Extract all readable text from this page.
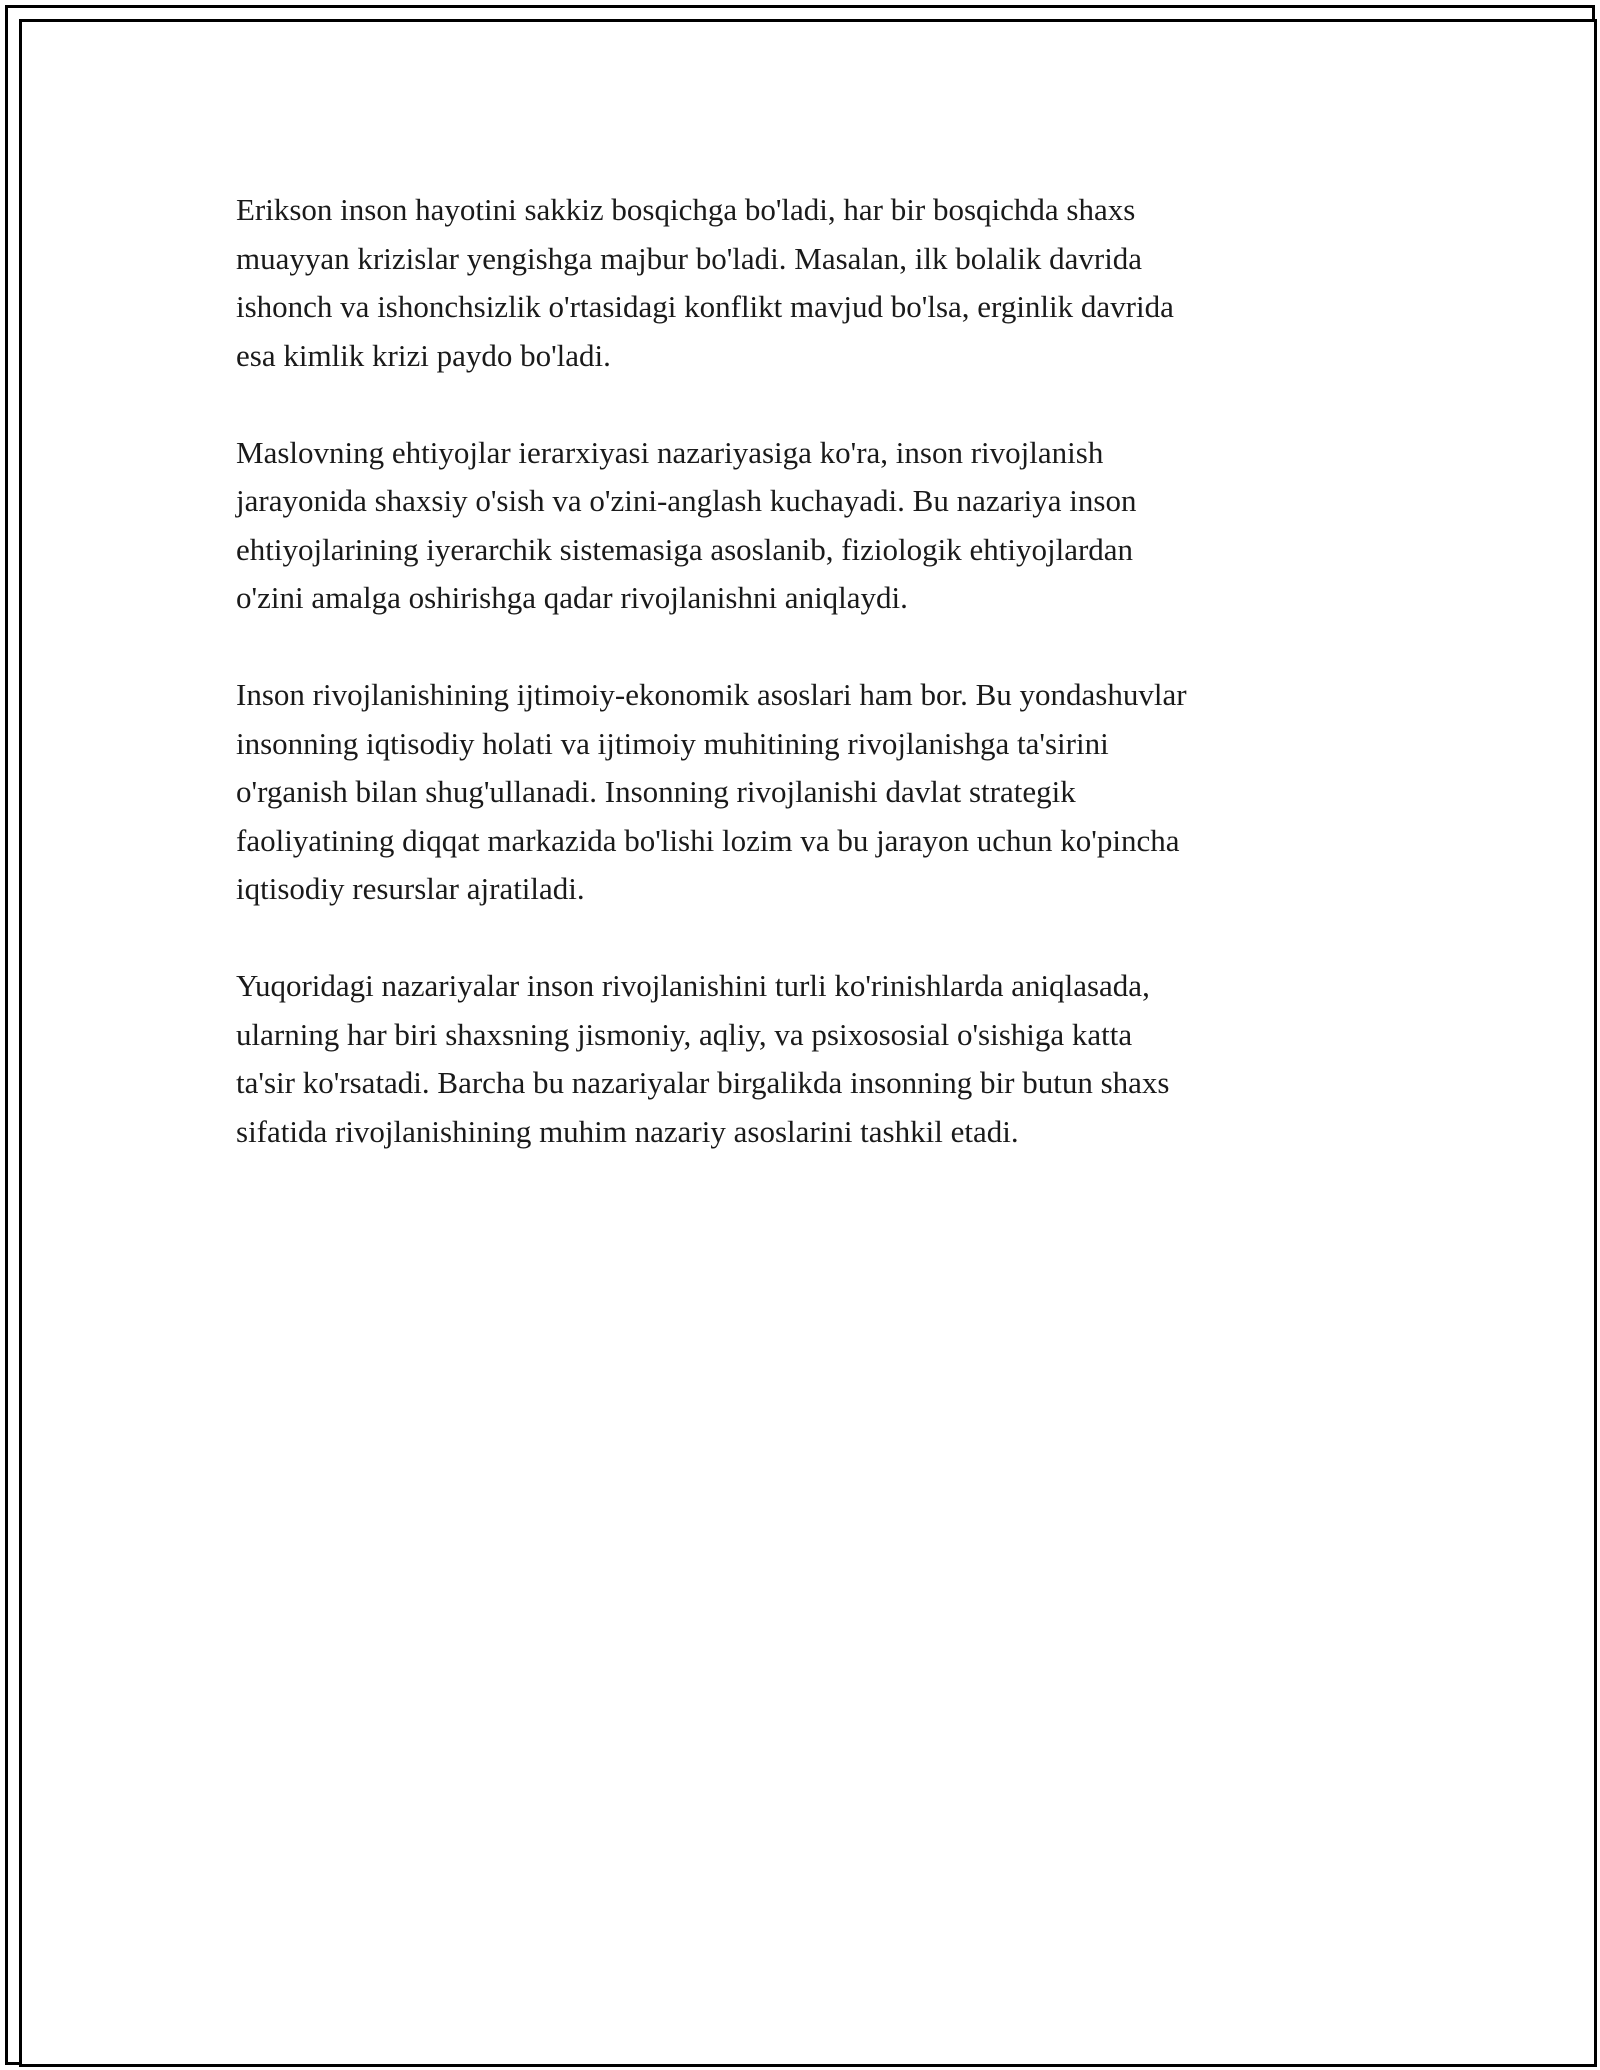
Erikson inson hayotini sakkiz bosqichga bo'ladi, har bir bosqichda shaxs
muayyan krizislar yengishga majbur bo'ladi. Masalan, ilk bolalik davrida
ishonch va ishonchsizlik o'rtasidagi konflikt mavjud bo'lsa, erginlik davrida
esa kimlik krizi paydo bo'ladi.

Maslovning ehtiyojlar ierarxiyasi nazariyasiga ko'ra, inson rivojlanish
jarayonida shaxsiy o'sish va o'zini-anglash kuchayadi. Bu nazariya inson
ehtiyojlarining iyerarchik sistemasiga asoslanib, fiziologik ehtiyojlardan
o'zini amalga oshirishga qadar rivojlanishni aniqlaydi.

Inson rivojlanishining ijtimoiy-ekonomik asoslari ham bor. Bu yondashuvlar
insonning iqtisodiy holati va ijtimoiy muhitining rivojlanishga ta'sirini
o'rganish bilan shug'ullanadi. Insonning rivojlanishi davlat strategik
faoliyatining diqqat markazida bo'lishi lozim va bu jarayon uchun ko'pincha
iqtisodiy resurslar ajratiladi.

Yuqoridagi nazariyalar inson rivojlanishini turli ko'rinishlarda aniqlasada,
ularning har biri shaxsning jismoniy, aqliy, va psixososial o'sishiga katta
ta'sir ko'rsatadi. Barcha bu nazariyalar birgalikda insonning bir butun shaxs
sifatida rivojlanishining muhim nazariy asoslarini tashkil etadi.
